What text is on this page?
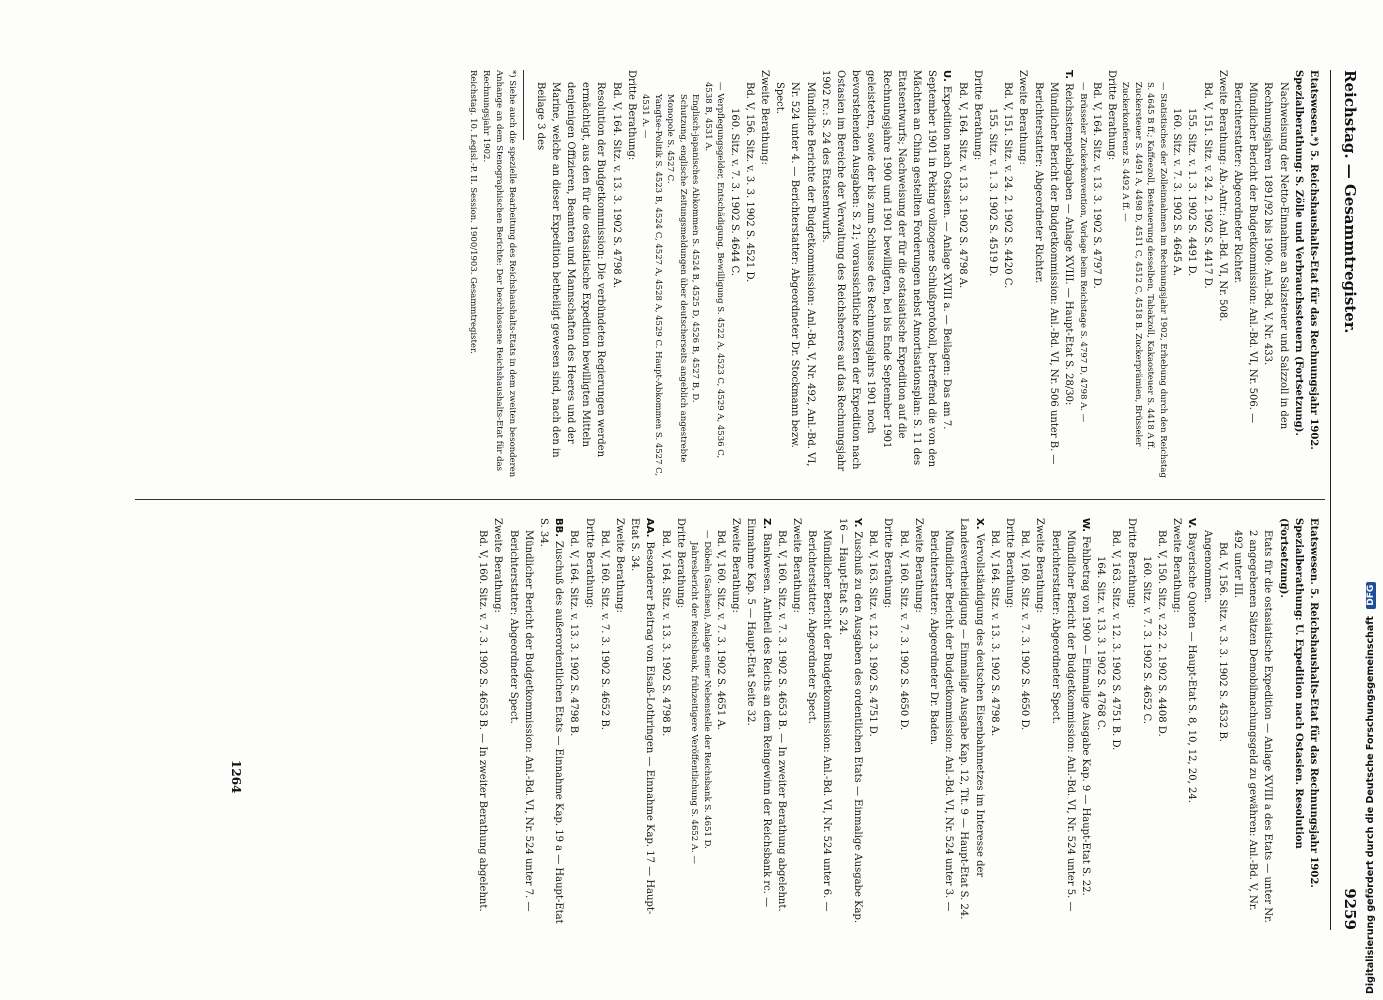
Reichstag. — Gesammtregister.
9259

Etatswesen.*) 5. Reichshaushalts-Etat für das Rechnungsjahr 1902. Spezialberathung: S. Zölle und Verbrauchssteuern (Fortsetzung).

Nachweisung der Netto-Einnahme an Salzsteuer und Salzzoll in den Rechnungsjahren 1891/92 bis 1900: Anl.-Bd. V, Nr. 433.

Mündlicher Bericht der Budgetkommission: Anl.-Bd. VI, Nr. 506. — Berichterstatter: Abgeordneter Richter.

Zweite Berathung: Ab.-Antr.: Anl.-Bd. VI, Nr. 508.

Bd. V, 151. Sitz. v. 24. 2. 1902 S. 4417 D.

155. Sitz. v. 1. 3. 1902 S. 4491 D.

160. Sitz. v. 7. 3. 1902 S. 4645 A.

— Statistisches der Zolleinnahmen im Rechnungsjahr 1902, Erhebung durch den Reichstag S. 4645 B ff.; Kaffeezoll, Besteuerung desselben, Tabakzoll, Kakaosteuer S. 4418 A ff.

Zuckersteuer S. 4491 A, 4498 D, 4511 C, 4512 C, 4518 B. Zuckerprämien, Brüsseler Zuckerkonferenz S. 4492 A ff. —

Dritte Berathung:

Bd. V, 164. Sitz. v. 13. 3. 1902 S. 4797 D.

— Brüsseler Zuckerkonvention, Vorlage beim Reichstage S. 4797 D, 4798 A. —

T.Reichsstempelabgaben — Anlage XVIII. — Haupt-Etat S. 28/30:

Mündlicher Bericht der Budgetkommission: Anl.-Bd. VI, Nr. 506 unter B. — Berichterstatter: Abgeordneter Richter.

Zweite Berathung:

Bd. V, 151. Sitz. v. 24. 2. 1902 S. 4420 C.

155. Sitz. v. 1. 3. 1902 S. 4519 D.

Dritte Berathung:

Bd. V, 164. Sitz. v. 13. 3. 1902 S. 4798 A.

U.Expedition nach Ostasien. — Anlage XVIII a. — Beilagen: Das am 7. September 1901 in Peking vollzogene Schlußprotokoll, betreffend die von den Mächten an China gestellten Forderungen nebst Amortisationsplan: S. 11 des Etatsentwurfs; Nachweisung der für die ostasiatische Expedition auf die Rechnungsjahre 1900 und 1901 bewilligten, bei bis Ende September 1901 geleisteten, sowie der bis zum Schlusse des Rechnungsjahrs 1901 noch bevorstehenden Ausgaben: S. 21; voraussichtliche Kosten der Expedition nach Ostasien im Bereiche der Verwaltung des Reichsheeres auf das Rechnungsjahr 1902 rc.: S. 24 des Etatsentwurfs.

Mündliche Berichte der Budgetkommission: Anl.-Bd. V, Nr. 492, Anl.-Bd. VI, Nr. 524 unter 4. — Berichterstatter: Abgeordneter Dr. Stockmann bezw. Spect.

Zweite Berathung:

Bd. V, 156. Sitz. v. 3. 3. 1902 S. 4521 D.

160. Sitz. v. 7. 3. 1902 S. 4644 C.

— Verpflegungsgelder, Entschädigung, Bewilligung S. 4522 A, 4523 C, 4529 A, 4536 C, 4538 B, 4531 A.

Englisch-japanisches Abkommen S. 4524 B, 4525 D, 4526 B, 4527 B, D.

Schutzung, englische Zeitungsmeldungen über deutscherseits angeblich angestrebte Monopole S. 4527 C.

Yangtse-Politik S. 4523 B, 4524 C, 4527 A, 4528 A, 4529 C. Haupt-Abkommen S. 4527 C, 4531 A. —

Dritte Berathung:

Bd. V, 164. Sitz. v. 13. 3. 1902 S. 4798 A.

Resolution der Budgetkommission: Die verbündeten Regierungen werden ermächtigt, aus den für die ostasiatische Expedition bewilligten Mitteln denjenigen Offizieren, Beamten und Mannschaften des Heeres und der Marine, welche an dieser Expedition betheiligt gewesen sind, nach den in Beilage 3 des

*) Siehe auch die spezielle Bearbeitung des Reichshaushalts-Etats in dem zweiten besonderen Anhange an dem Stenographischen Berichte: Der beschlossene Reichshaushalts-Etat für das Rechnungsjahr 1902.

Reichstag. 10. Legisl.-P. II. Session. 1900/1903. Gesammtregister.

Etatswesen. 5. Reichshaushalts-Etat für das Rechnungsjahr 1902. Spezialberathung: U. Expedition nach Ostasien. Resolution (Fortsetzung).

Etats für die ostasiatische Expedition — Anlage XVIII a des Etats — unter Nr. 2 angegebenen Sätzen Demobilmachungsgeld zu gewähren: Anl.-Bd. V, Nr. 492 unter III.

Bd. V, 156. Sitz. v. 3. 3. 1902 S. 4532 B.

Angenommen.

V.Bayerische Quoten — Haupt-Etat S. 8, 10, 12, 20, 24.

Zweite Berathung:

Bd. V, 150. Sitz. v. 22. 2. 1902 S. 4408 D.

160. Sitz. v. 7. 3. 1902 S. 4652 C.

Dritte Berathung:

Bd. V, 163. Sitz. v. 12. 3. 1902 S. 4751 B. D.

164. Sitz. v. 13. 3. 1902 S. 4768 C.

W.Fehlbetrag von 1900 — Einmalige Ausgabe Kap. 9 — Haupt-Etat S. 22.

Mündlicher Bericht der Budgetkommission: Anl.-Bd. VI, Nr. 524 unter 5. — Berichterstatter: Abgeordneter Spect.

Zweite Berathung:

Bd. V, 160. Sitz. v. 7. 3. 1902 S. 4650 D.

Dritte Berathung:

Bd. V, 164. Sitz. v. 13. 3. 1902 S. 4798 A.

X.Vervollständigung des deutschen Eisenbahnnetzes im Interesse der Landesvertheidigung — Einmalige Ausgabe Kap. 12, Tit. 9 — Haupt-Etat S. 24.

Mündlicher Bericht der Budgetkommission: Anl.-Bd. VI, Nr. 524 unter 3. — Berichterstatter: Abgeordneter Dr. Baden.

Zweite Berathung:

Bd. V, 160. Sitz. v. 7. 3. 1902 S. 4650 D.

Dritte Berathung:

Bd. V, 163. Sitz. v. 12. 3. 1902 S. 4751 D.

Y.Zuschuß zu den Ausgaben des ordentlichen Etats — Einmalige Ausgabe Kap. 16 — Haupt-Etat S. 24.

Mündlicher Bericht der Budgetkommission: Anl.-Bd. VI, Nr. 524 unter 6. — Berichterstatter: Abgeordneter Spect.

Zweite Berathung:

Bd. V, 160. Sitz. v. 7. 3. 1902 S. 4653 B. — In zweiter Berathung abgelehnt.

Z.Bankwesen. Antheil des Reichs an dem Reingewinn der Reichsbank rc. — Einnahme Kap. 5 — Haupt-Etat Seite 32.

Zweite Berathung:

Bd. V, 160. Sitz. v. 7. 3. 1902 S. 4651 A.

— Döbeln (Sachsen), Anlage einer Nebenstelle der Reichsbank S. 4651 D.

Jahresbericht der Reichsbank, frühzeitigere Veröffentlichung S. 4652 A. —

Dritte Berathung:

Bd. V, 164. Sitz. v. 13. 3. 1902 S. 4798 B.

AA.Besonderer Beitrag von Elsaß-Lothringen — Einnahme Kap. 17 — Haupt-Etat S. 34.

Zweite Berathung:

Bd. V, 160. Sitz. v. 7. 3. 1902 S. 4652 B.

Dritte Berathung:

Bd. V, 164. Sitz. v. 13. 3. 1902 S. 4798 B.

BB.Zuschuß des außerordentlichen Etats — Einnahme Kap. 19 a — Haupt-Etat S. 34.

Mündlicher Bericht der Budgetkommission: Anl.-Bd. VI, Nr. 524 unter 7. — Berichterstatter: Abgeordneter Spect.

Zweite Berathung:

Bd. V, 160. Sitz. v. 7. 3. 1902 S. 4653 B. — In zweiter Berathung abgelehnt.

1264	Digitalisierung gefördert durch die Deutsche Forschungsgemeinschaft DFG
